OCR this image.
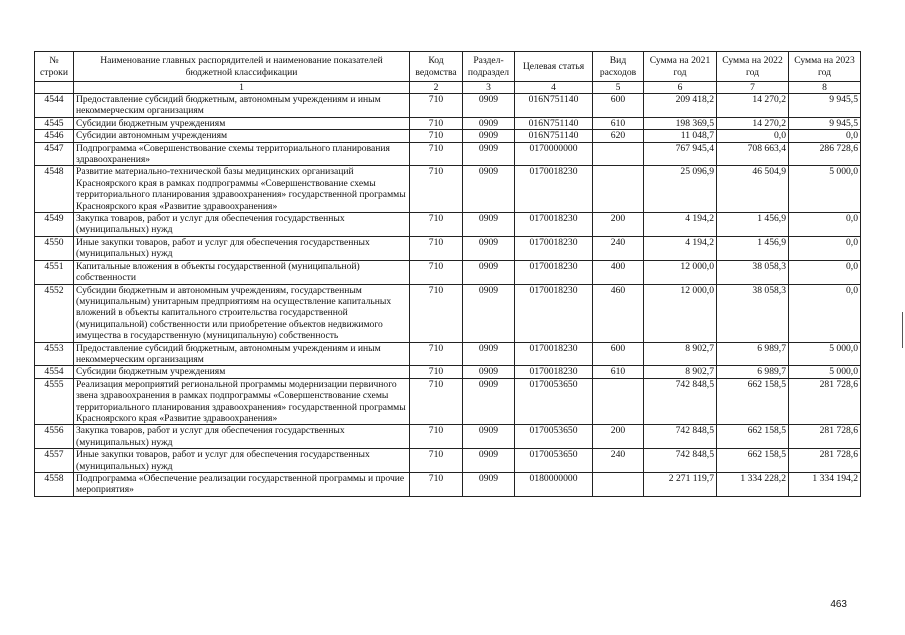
№ строки	Наименование главных распорядителей и наименование показателей бюджетной классификации	Код ведомства	Раздел-подраздел	Целевая статья	Вид расходов	Сумма на 2021 год	Сумма на 2022 год	Сумма на 2023 год
	1	2	3	4	5	6	7	8
4544	Предоставление субсидий бюджетным, автономным учреждениям и иным некоммерческим организациям	710	0909	016N751140	600	209 418,2	14 270,2	9 945,5
4545	Субсидии бюджетным учреждениям	710	0909	016N751140	610	198 369,5	14 270,2	9 945,5
4546	Субсидии автономным учреждениям	710	0909	016N751140	620	11 048,7	0,0	0,0
4547	Подпрограмма «Совершенствование схемы территориального планирования здравоохранения»	710	0909	0170000000		767 945,4	708 663,4	286 728,6
4548	Развитие материально-технической базы медицинских организаций Красноярского края в рамках подпрограммы «Совершенствование схемы территориального планирования здравоохранения» государственной программы Красноярского края «Развитие здравоохранения»	710	0909	0170018230		25 096,9	46 504,9	5 000,0
4549	Закупка товаров, работ и услуг для обеспечения государственных (муниципальных) нужд	710	0909	0170018230	200	4 194,2	1 456,9	0,0
4550	Иные закупки товаров, работ и услуг для обеспечения государственных (муниципальных) нужд	710	0909	0170018230	240	4 194,2	1 456,9	0,0
4551	Капитальные вложения в объекты государственной (муниципальной) собственности	710	0909	0170018230	400	12 000,0	38 058,3	0,0
4552	Субсидии бюджетным и автономным учреждениям, государственным (муниципальным) унитарным предприятиям на осуществление капитальных вложений в объекты капитального строительства государственной (муниципальной) собственности или приобретение объектов недвижимого имущества в государственную (муниципальную) собственность	710	0909	0170018230	460	12 000,0	38 058,3	0,0
4553	Предоставление субсидий бюджетным, автономным учреждениям и иным некоммерческим организациям	710	0909	0170018230	600	8 902,7	6 989,7	5 000,0
4554	Субсидии бюджетным учреждениям	710	0909	0170018230	610	8 902,7	6 989,7	5 000,0
4555	Реализация мероприятий региональной программы модернизации первичного звена здравоохранения в рамках подпрограммы «Совершенствование схемы территориального планирования здравоохранения» государственной программы Красноярского края «Развитие здравоохранения»	710	0909	0170053650		742 848,5	662 158,5	281 728,6
4556	Закупка товаров, работ и услуг для обеспечения государственных (муниципальных) нужд	710	0909	0170053650	200	742 848,5	662 158,5	281 728,6
4557	Иные закупки товаров, работ и услуг для обеспечения государственных (муниципальных) нужд	710	0909	0170053650	240	742 848,5	662 158,5	281 728,6
4558	Подпрограмма «Обеспечение реализации государственной программы и прочие мероприятия»	710	0909	0180000000		2 271 119,7	1 334 228,2	1 334 194,2
463
